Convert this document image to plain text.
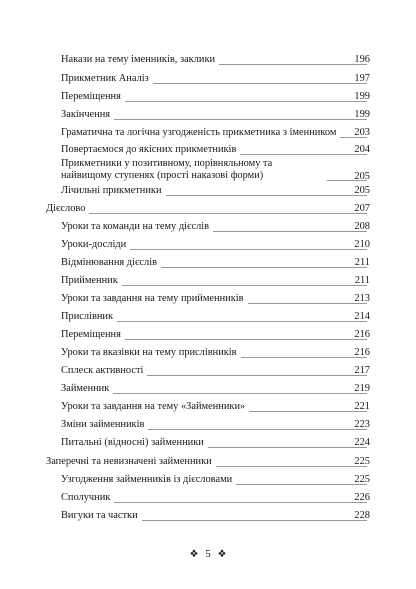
Накази на тему іменників, заклики	196
Прикметник Аналіз	197
Переміщення	199
Закінчення	199
Граматична та логічна узгодженість прикметника з іменником	203
Повертаємося до якісних прикметників	204
Прикметники у позитивному, порівняльному та найвищому ступенях (прості наказові форми)	205
Лічильні прикметники	205
Дієслово	207
Уроки та команди на тему дієслів	208
Уроки-досліди	210
Відмінювання дієслів	211
Прийменник	211
Уроки та завдання на тему прийменників	213
Прислівник	214
Переміщення	216
Уроки та вказівки на тему прислівників	216
Сплеск активності	217
Займенник	219
Уроки та завдання на тему «Займенники»	221
Зміни займенників	223
Питальні (відносні) займенники	224
Заперечні та невизначені займенники	225
Узгодження займенників із дієсловами	225
Сполучник	226
Вигуки та частки	228
❖ 5 ❖
